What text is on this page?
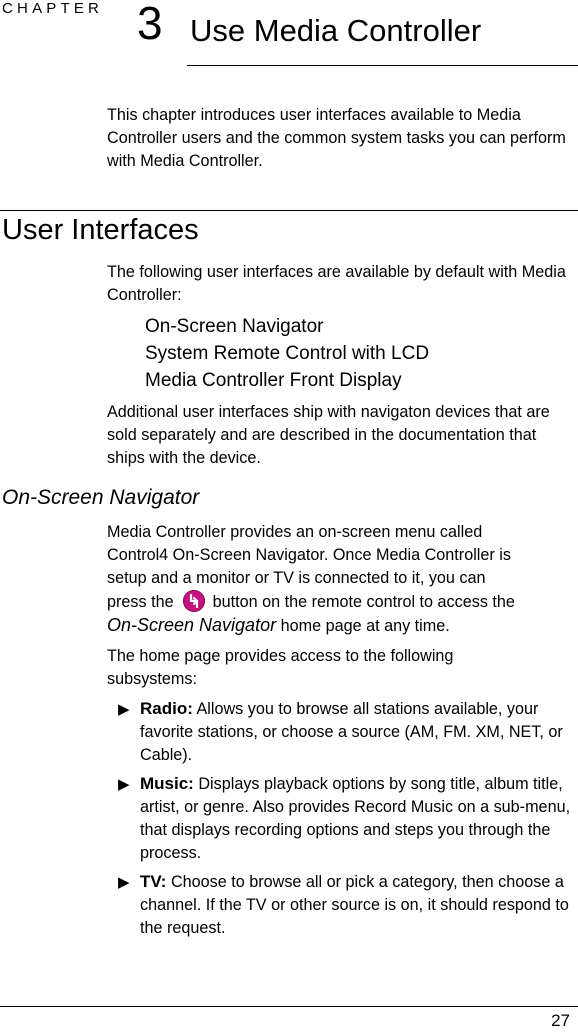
CHAPTER 3 Use Media Controller
This chapter introduces user interfaces available to Media Controller users and the common system tasks you can perform with Media Controller.
User Interfaces
The following user interfaces are available by default with Media Controller:
On-Screen Navigator
System Remote Control with LCD
Media Controller Front Display
Additional user interfaces ship with navigaton devices that are sold separately and are described in the documentation that ships with the device.
On-Screen Navigator
Media Controller provides an on-screen menu called
Control4 On-Screen Navigator. Once Media Controller is
setup and a monitor or TV is connected to it, you can
press the button on the remote control to access the
On-Screen Navigator home page at any time.
The home page provides access to the following subsystems:
▶ Radio: Allows you to browse all stations available, your favorite stations, or choose a source (AM, FM. XM, NET, or Cable).
▶ Music: Displays playback options by song title, album title, artist, or genre. Also provides Record Music on a sub-menu, that displays recording options and steps you through the process.
▶ TV: Choose to browse all or pick a category, then choose a channel. If the TV or other source is on, it should respond to the request.
27
